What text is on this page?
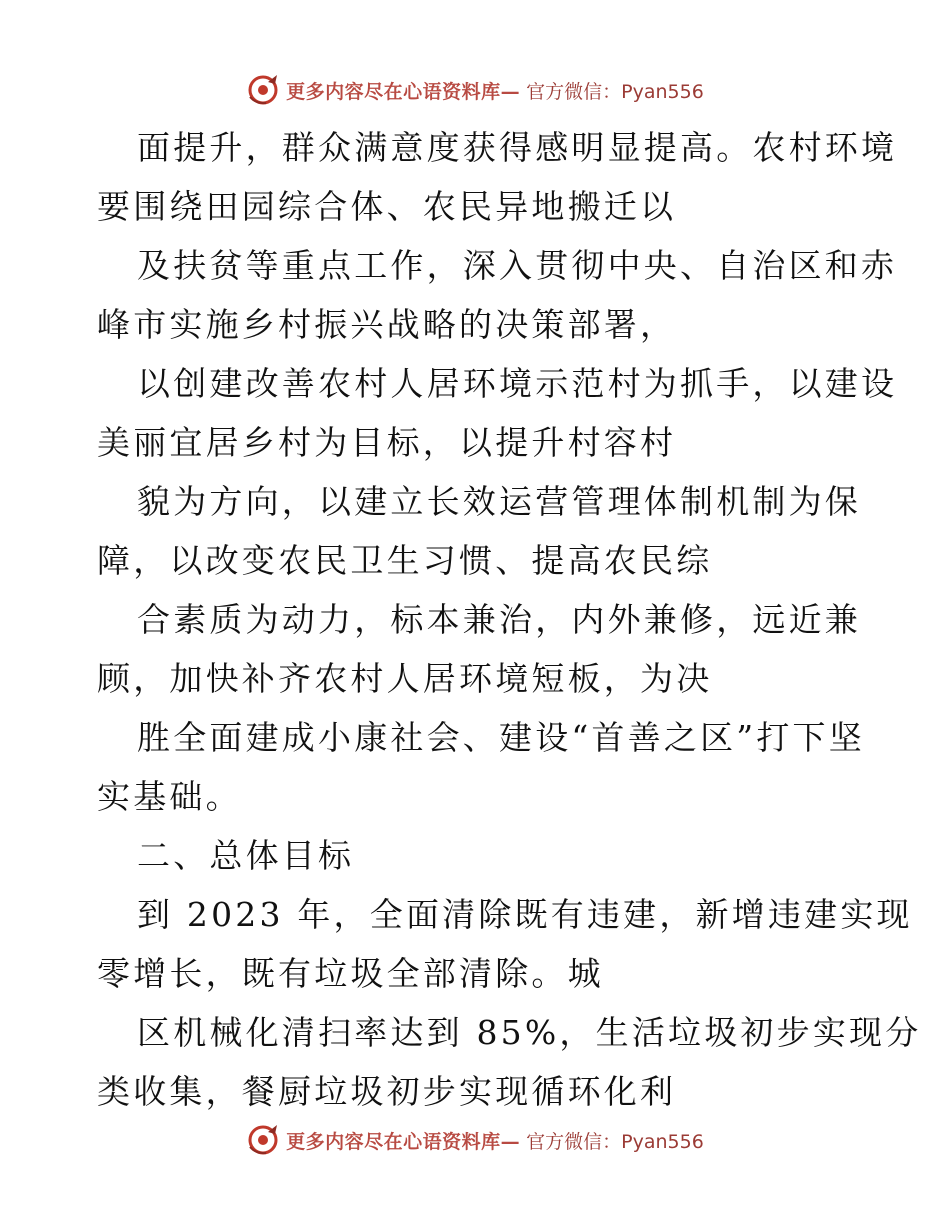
更多内容尽在心语资料库— 官方微信：Pyan556
面提升，群众满意度获得感明显提高。农村环境
要围绕田园综合体、农民异地搬迁以
及扶贫等重点工作，深入贯彻中央、自治区和赤
峰市实施乡村振兴战略的决策部署，
以创建改善农村人居环境示范村为抓手，以建设
美丽宜居乡村为目标，以提升村容村
貌为方向，以建立长效运营管理体制机制为保
障，以改变农民卫生习惯、提高农民综
合素质为动力，标本兼治，内外兼修，远近兼
顾，加快补齐农村人居环境短板，为决
胜全面建成小康社会、建设“首善之区”打下坚
实基础。
二、总体目标
到 2023 年，全面清除既有违建，新增违建实现
零增长，既有垃圾全部清除。城
区机械化清扫率达到 85%，生活垃圾初步实现分
类收集，餐厨垃圾初步实现循环化利
更多内容尽在心语资料库— 官方微信：Pyan556
